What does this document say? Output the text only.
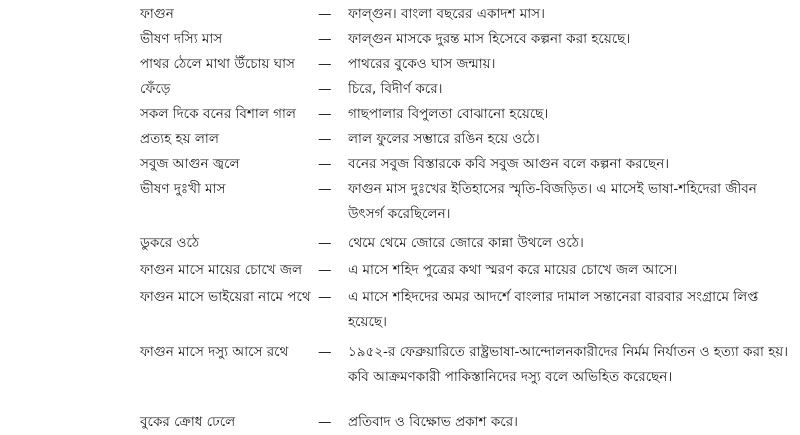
ফাগুন	—	ফাল্গুন। বাংলা বছরের একাদশ মাস।
ভীষণ দস্যি মাস	—	ফাল্গুন মাসকে দুরন্ত মাস হিসেবে কল্পনা করা হয়েছে।
পাথর ঠেলে মাথা উঁচোয় ঘাস	—	পাথরের বুকেও ঘাস জন্মায়।
ফেঁড়ে	—	চিরে, বিদীর্ণ করে।
সকল দিকে বনের বিশাল গাল	—	গাছপালার বিপুলতা বোঝানো হয়েছে।
প্রত্যহ হয় লাল	—	লাল ফুলের সম্ভারে রঙিন হয়ে ওঠে।
সবুজ আগুন জ্বলে	—	বনের সবুজ বিস্তারকে কবি সবুজ আগুন বলে কল্পনা করছেন।
ভীষণ দুঃখী মাস	—	ফাগুন মাস দুঃখের ইতিহাসের স্মৃতি-বিজড়িত। এ মাসেই ভাষা-শহিদেরা জীবন উৎসর্গ করেছিলেন।
ডুকরে ওঠে	—	থেমে থেমে জোরে জোরে কান্না উথলে ওঠে।
ফাগুন মাসে মায়ের চোখে জল	—	এ মাসে শহিদ পুত্রের কথা স্মরণ করে মায়ের চোখে জল আসে।
ফাগুন মাসে ভাইয়েরা নামে পথে —	এ মাসে শহিদদের অমর আদর্শে বাংলার দামাল সন্তানেরা বারবার সংগ্রামে লিপ্ত হয়েছে।
ফাগুন মাসে দস্যু আসে রথে	—	১৯৫২-র ফেব্রুয়ারিতে রাষ্ট্রভাষা-আন্দোলনকারীদের নির্মম নির্যাতন ও হত্যা করা হয়। কবি আক্রমণকারী পাকিস্তানিদের দস্যু বলে অভিহিত করেছেন।
বুকের ক্রোধ ঢেলে	—	প্রতিবাদ ও বিক্ষোভ প্রকাশ করে।
